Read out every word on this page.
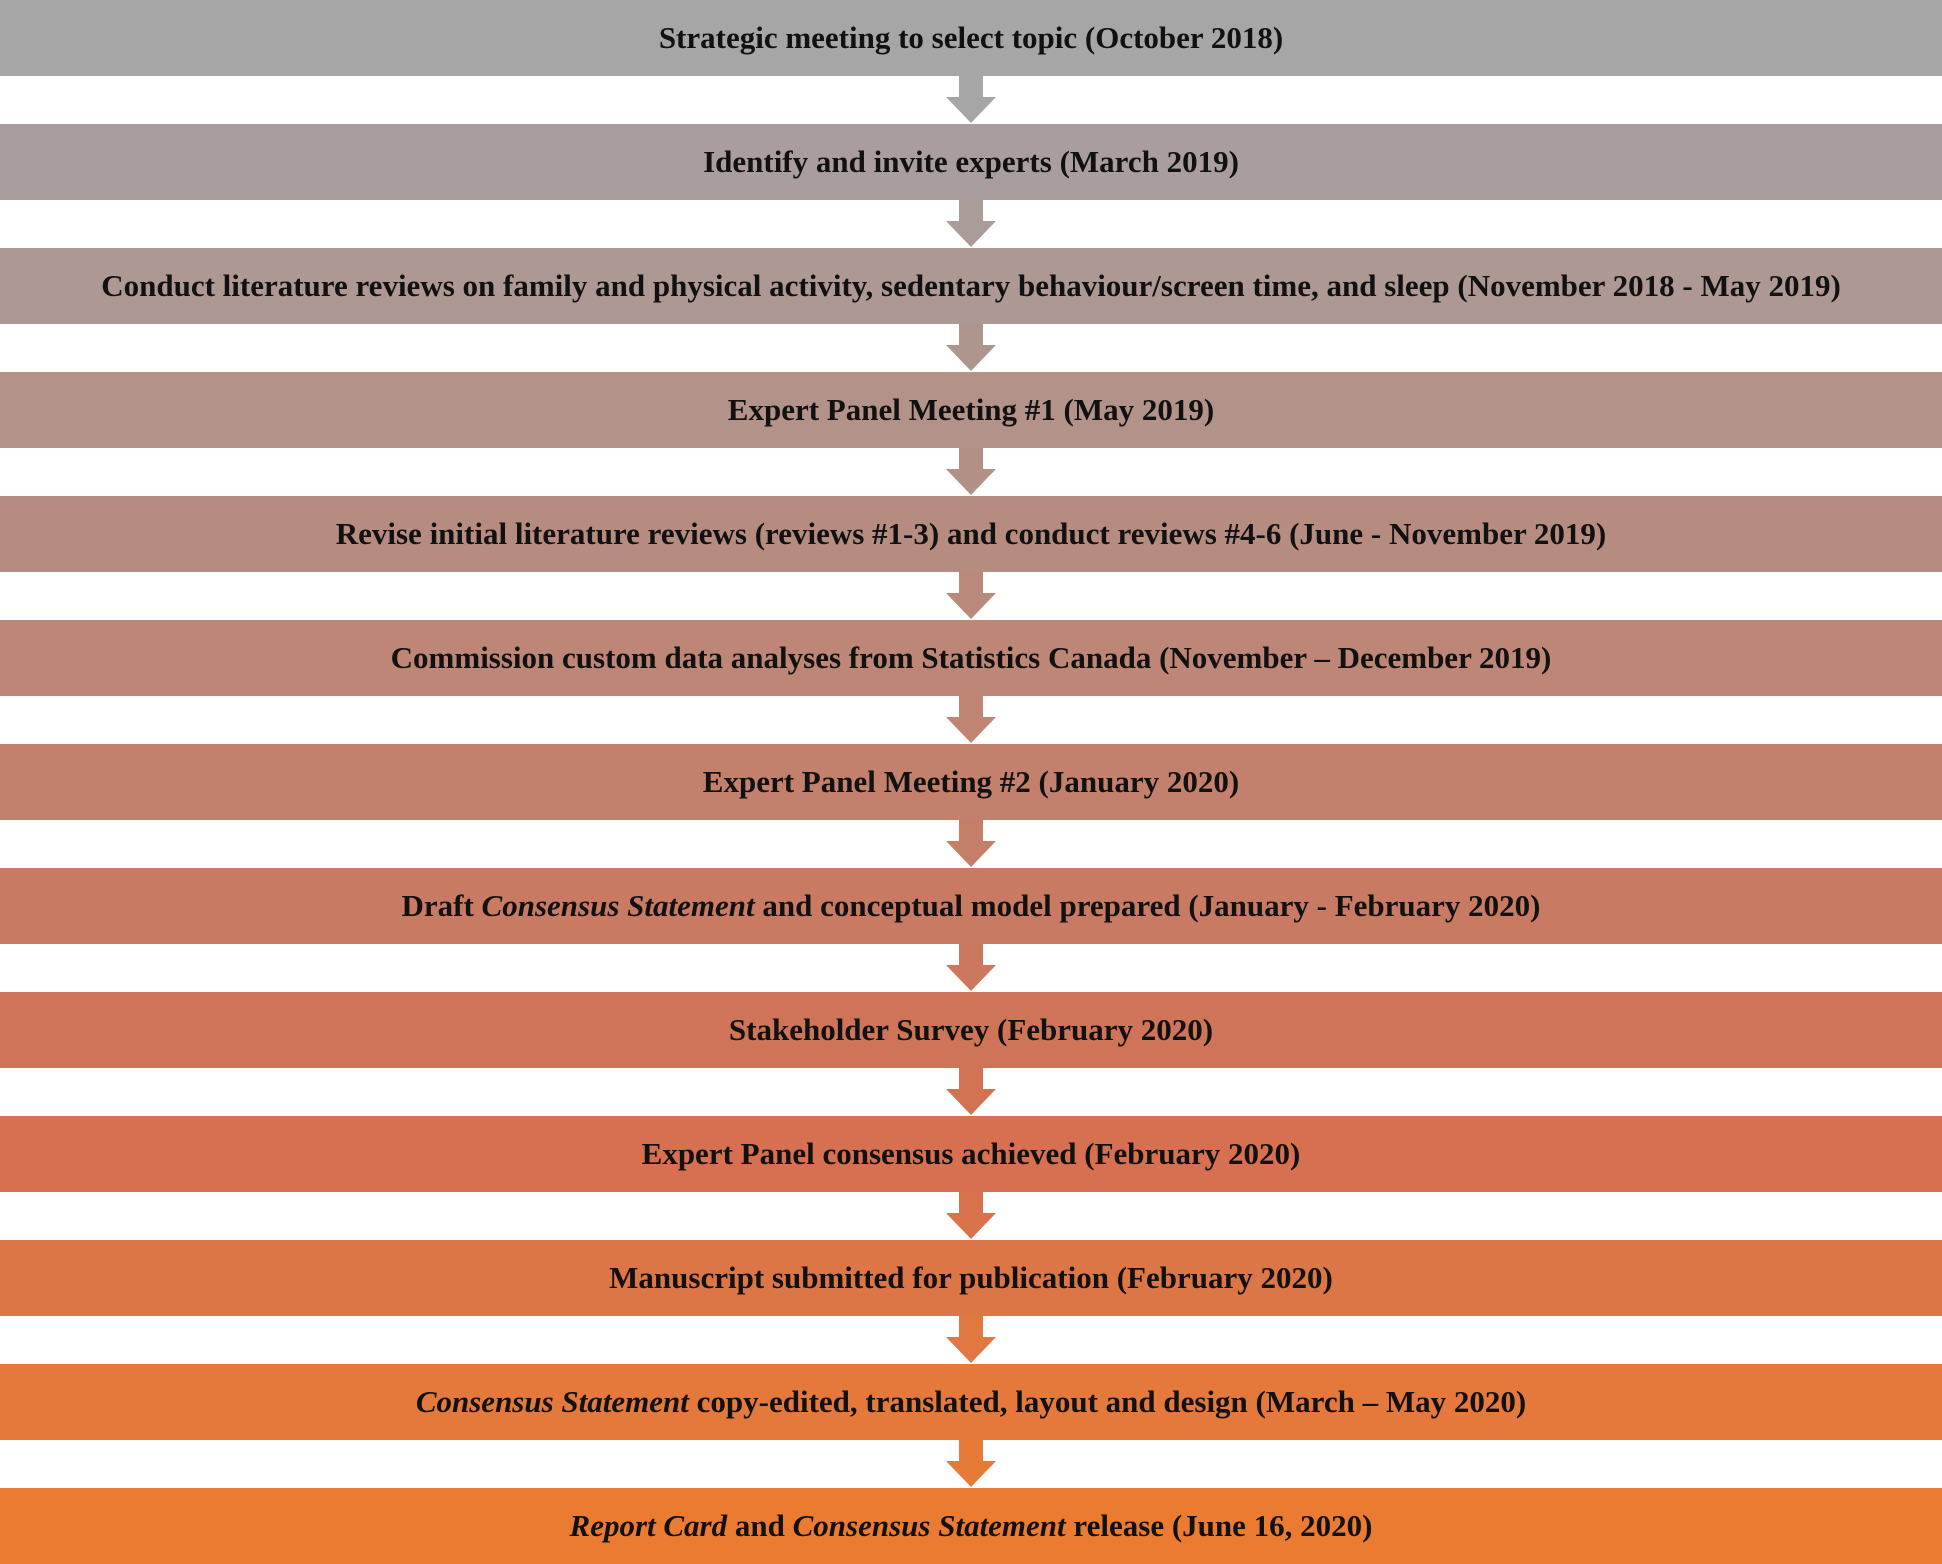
Strategic meeting to select topic (October 2018)
Identify and invite experts (March 2019)
Conduct literature reviews on family and physical activity, sedentary behaviour/screen time, and sleep (November 2018 - May 2019)
Expert Panel Meeting #1 (May 2019)
Revise initial literature reviews (reviews #1-3) and conduct reviews #4-6 (June - November 2019)
Commission custom data analyses from Statistics Canada (November – December 2019)
Expert Panel Meeting #2 (January 2020)
Draft Consensus Statement and conceptual model prepared (January - February 2020)
Stakeholder Survey (February 2020)
Expert Panel consensus achieved (February 2020)
Manuscript submitted for publication (February 2020)
Consensus Statement copy-edited, translated, layout and design (March – May 2020)
Report Card and Consensus Statement release (June 16, 2020)
